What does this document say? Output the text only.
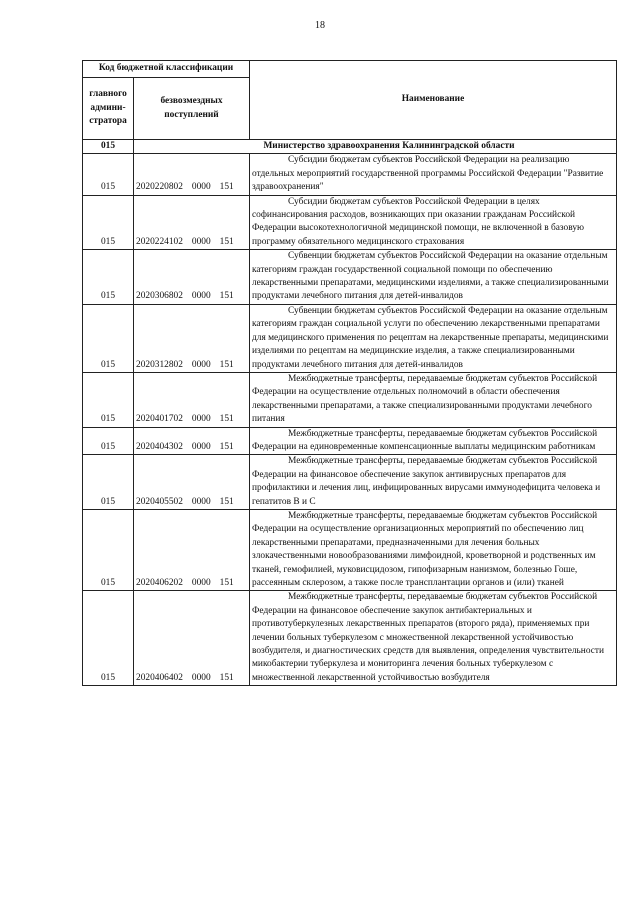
18
Код бюджетной классификации		Наименование
главного админи-стратора	безвозмездных поступлений	
015	Министерство здравоохранения Калининградской области	
015	2020220802 0000 151	Субсидии бюджетам субъектов Российской Федерации на реализацию отдельных мероприятий государственной программы Российской Федерации "Развитие здравоохранения"
015	2020224102 0000 151	Субсидии бюджетам субъектов Российской Федерации в целях софинансирования расходов, возникающих при оказании гражданам Российской Федерации высокотехнологичной медицинской помощи, не включенной в базовую программу обязательного медицинского страхования
015	2020306802 0000 151	Субвенции бюджетам субъектов Российской Федерации на оказание отдельным категориям граждан государственной социальной помощи по обеспечению лекарственными препаратами, медицинскими изделиями, а также специализированными продуктами лечебного питания для детей-инвалидов
015	2020312802 0000 151	Субвенции бюджетам субъектов Российской Федерации на оказание отдельным категориям граждан социальной услуги по обеспечению лекарственными препаратами для медицинского применения по рецептам на лекарственные препараты, медицинскими изделиями по рецептам на медицинские изделия, а также специализированными продуктами лечебного питания для детей-инвалидов
015	2020401702 0000 151	Межбюджетные трансферты, передаваемые бюджетам субъектов Российской Федерации на осуществление отдельных полномочий в области обеспечения лекарственными препаратами, а также специализированными продуктами лечебного питания
015	2020404302 0000 151	Межбюджетные трансферты, передаваемые бюджетам субъектов Российской Федерации на единовременные компенсационные выплаты медицинским работникам
015	2020405502 0000 151	Межбюджетные трансферты, передаваемые бюджетам субъектов Российской Федерации на финансовое обеспечение закупок антивирусных препаратов для профилактики и лечения лиц, инфицированных вирусами иммунодефицита человека и гепатитов В и С
015	2020406202 0000 151	Межбюджетные трансферты, передаваемые бюджетам субъектов Российской Федерации на осуществление организационных мероприятий по обеспечению лиц лекарственными препаратами, предназначенными для лечения больных злокачественными новообразованиями лимфоидной, кроветворной и родственных им тканей, гемофилией, муковисцидозом, гипофизарным нанизмом, болезнью Гоше, рассеянным склерозом, а также после трансплантации органов и (или) тканей
015	2020406402 0000 151	Межбюджетные трансферты, передаваемые бюджетам субъектов Российской Федерации на финансовое обеспечение закупок антибактериальных и противотуберкулезных лекарственных препаратов (второго ряда), применяемых при лечении больных туберкулезом с множественной лекарственной устойчивостью возбудителя, и диагностических средств для выявления, определения чувствительности микобактерии туберкулеза и мониторинга лечения больных туберкулезом с множественной лекарственной устойчивостью возбудителя
